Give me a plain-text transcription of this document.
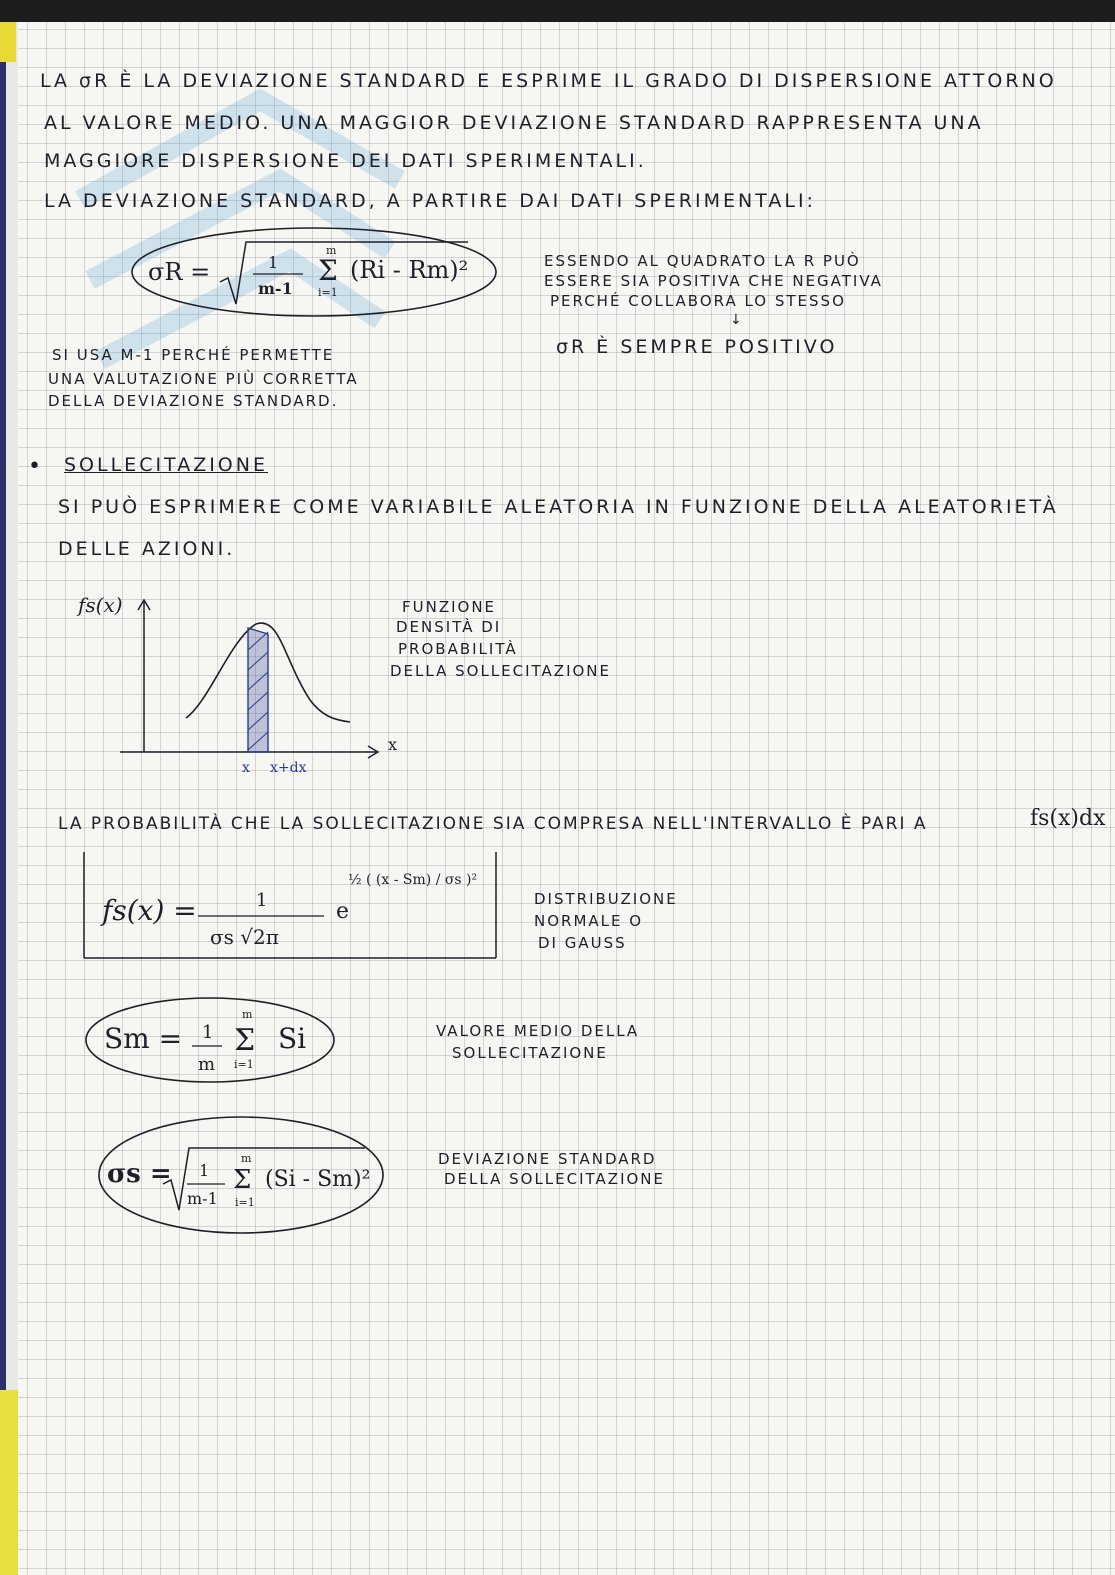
LA σR È LA DEVIAZIONE STANDARD E ESPRIME IL GRADO DI DISPERSIONE ATTORNO
AL VALORE MEDIO. UNA MAGGIOR DEVIAZIONE STANDARD RAPPRESENTA UNA
MAGGIORE DISPERSIONE DEI DATI SPERIMENTALI.
LA DEVIAZIONE STANDARD, A PARTIRE DAI DATI SPERIMENTALI:
σR =	1
m-1
m
Σ
i=1
(Ri - Rm)²	ESSENDO AL QUADRATO LA R PUÒ
ESSERE SIA POSITIVA CHE NEGATIVA
PERCHÉ COLLABORA LO STESSO
↓
σR È SEMPRE POSITIVO
SI USA M-1 PERCHÉ PERMETTE
UNA VALUTAZIONE PIÙ CORRETTA
DELLA DEVIAZIONE STANDARD.
• SOLLECITAZIONE
SI PUÒ ESPRIMERE COME VARIABILE ALEATORIA IN FUNZIONE DELLA ALEATORIETÀ
DELLE AZIONI.
fs(x)
x
x x+dx
FUNZIONE
DENSITÀ DI
PROBABILITÀ
DELLA SOLLECITAZIONE
LA PROBABILITÀ CHE LA SOLLECITAZIONE SIA COMPRESA NELL'INTERVALLO È PARI A	fs(x)dx
fs(x) =	1
σs √2π
e
½ ( (x - Sm) / σs )²
DISTRIBUZIONE
NORMALE O
DI GAUSS
Sm = 1
m
m
Σ
i=1
Si	VALORE MEDIO DELLA
SOLLECITAZIONE
σs = 1
m-1
m
Σ
i=1
(Si - Sm)²
DEVIAZIONE STANDARD
DELLA SOLLECITAZIONE
